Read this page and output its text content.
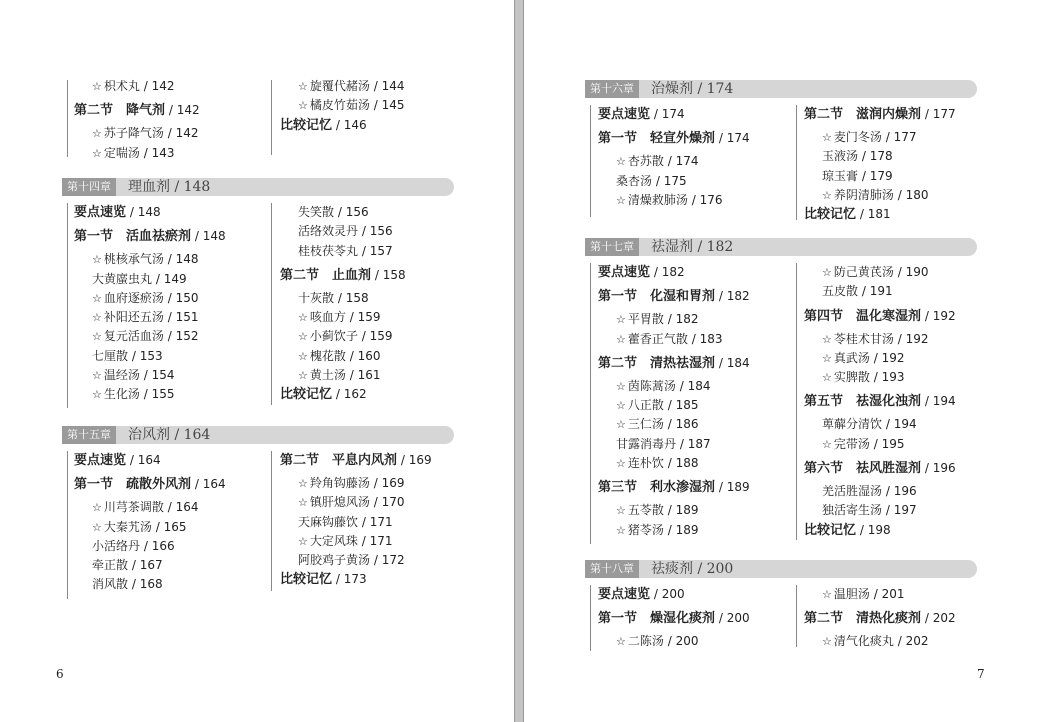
☆ 枳术丸 / 142
第二节　降气剂 / 142
☆ 苏子降气汤 / 142
☆ 定喘汤 / 143
☆ 旋覆代赭汤 / 144
☆ 橘皮竹茹汤 / 145
比较记忆 / 146
第十四章	理血剂 / 148
要点速览 / 148
第一节　活血祛瘀剂 / 148
☆ 桃核承气汤 / 148
大黄䗪虫丸 / 149
☆ 血府逐瘀汤 / 150
☆ 补阳还五汤 / 151
☆ 复元活血汤 / 152
七厘散 / 153
☆ 温经汤 / 154
☆ 生化汤 / 155
失笑散 / 156
活络效灵丹 / 156
桂枝茯苓丸 / 157
第二节　止血剂 / 158
十灰散 / 158
☆ 咳血方 / 159
☆ 小蓟饮子 / 159
☆ 槐花散 / 160
☆ 黄土汤 / 161
比较记忆 / 162
第十五章	治风剂 / 164
要点速览 / 164
第一节　疏散外风剂 / 164
☆ 川芎茶调散 / 164
☆ 大秦艽汤 / 165
小活络丹 / 166
牵正散 / 167
消风散 / 168
第二节　平息内风剂 / 169
☆ 羚角钩藤汤 / 169
☆ 镇肝熄风汤 / 170
天麻钩藤饮 / 171
☆ 大定风珠 / 171
阿胶鸡子黄汤 / 172
比较记忆 / 173
6
第十六章	治燥剂 / 174
要点速览 / 174
第一节　轻宣外燥剂 / 174
☆ 杏苏散 / 174
桑杏汤 / 175
☆ 清燥救肺汤 / 176
第二节　滋润内燥剂 / 177
☆ 麦门冬汤 / 177
玉液汤 / 178
琼玉膏 / 179
☆ 养阴清肺汤 / 180
比较记忆 / 181
第十七章	祛湿剂 / 182
要点速览 / 182
第一节　化湿和胃剂 / 182
☆ 平胃散 / 182
☆ 藿香正气散 / 183
第二节　清热祛湿剂 / 184
☆ 茵陈蒿汤 / 184
☆ 八正散 / 185
☆ 三仁汤 / 186
甘露消毒丹 / 187
☆ 连朴饮 / 188
第三节　利水渗湿剂 / 189
☆ 五苓散 / 189
☆ 猪苓汤 / 189
☆ 防己黄芪汤 / 190
五皮散 / 191
第四节　温化寒湿剂 / 192
☆ 苓桂术甘汤 / 192
☆ 真武汤 / 192
☆ 实脾散 / 193
第五节　祛湿化浊剂 / 194
萆薢分清饮 / 194
☆ 完带汤 / 195
第六节　祛风胜湿剂 / 196
羌活胜湿汤 / 196
独活寄生汤 / 197
比较记忆 / 198
第十八章	祛痰剂 / 200
要点速览 / 200
第一节　燥湿化痰剂 / 200
☆ 二陈汤 / 200
☆ 温胆汤 / 201
第二节　清热化痰剂 / 202
☆ 清气化痰丸 / 202
7
